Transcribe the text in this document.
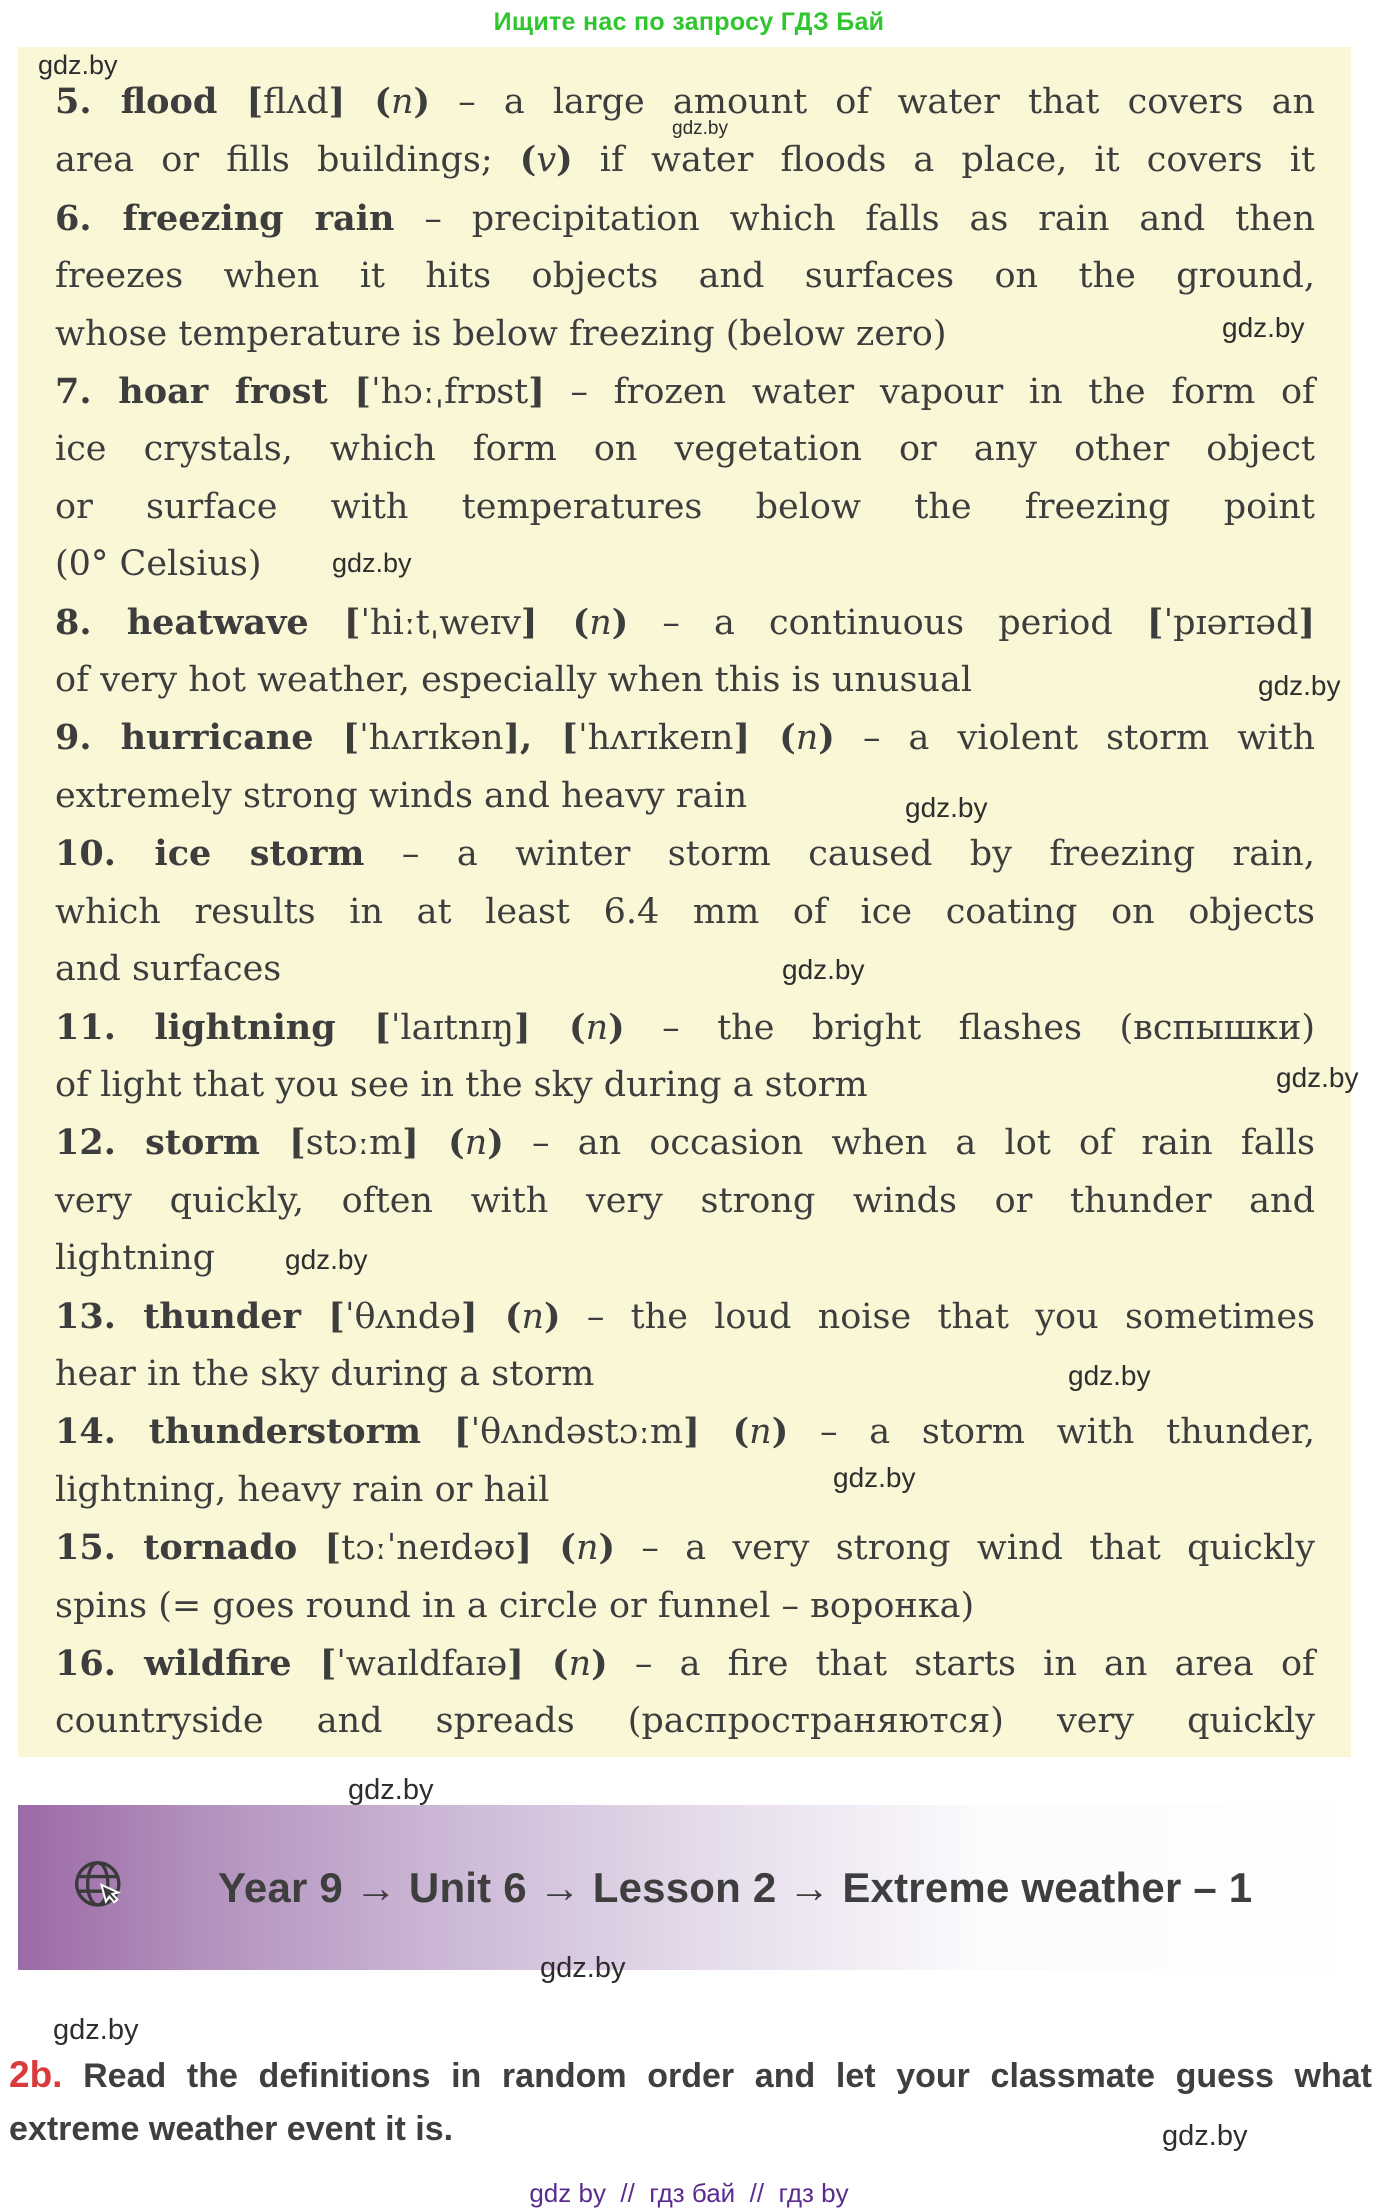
Ищите нас по запросу ГДЗ Бай
5. flood [flʌd] (n) – a large amount of water that covers an
area or fills buildings; (v) if water floods a place, it covers it
6. freezing rain – precipitation which falls as rain and then
freezes when it hits objects and surfaces on the ground,
whose temperature is below freezing (below zero)
7. hoar frost [ˈhɔːˌfrɒst] – frozen water vapour in the form of
ice crystals, which form on vegetation or any other object
or surface with temperatures below the freezing point
(0° Celsius)
8. heatwave [ˈhiːtˌweɪv] (n) – a continuous period [ˈpɪərɪəd]
of very hot weather, especially when this is unusual
9. hurricane [ˈhʌrɪkən], [ˈhʌrɪkeɪn] (n) – a violent storm with
extremely strong winds and heavy rain
10. ice storm – a winter storm caused by freezing rain,
which results in at least 6.4 mm of ice coating on objects
and surfaces
11. lightning [ˈlaɪtnɪŋ] (n) – the bright flashes (вспышки)
of light that you see in the sky during a storm
12. storm [stɔːm] (n) – an occasion when a lot of rain falls
very quickly, often with very strong winds or thunder and
lightning
13. thunder [ˈθʌndə] (n) – the loud noise that you sometimes
hear in the sky during a storm
14. thunderstorm [ˈθʌndəstɔːm] (n) – a storm with thunder,
lightning, heavy rain or hail
15. tornado [tɔːˈneɪdəʊ] (n) – a very strong wind that quickly
spins (= goes round in a circle or funnel – воронка)
16. wildfire [ˈwaɪldfaɪə] (n) – a fire that starts in an area of
countryside and spreads (распространяются) very quickly
Year 9 → Unit 6 → Lesson 2 → Extreme weather – 1
2b. Read the definitions in random order and let your classmate guess what extreme weather event it is.
gdz by  //  гдз бай  //  гдз by
gdz.by
gdz.by
gdz.by
gdz.by
gdz.by
gdz.by
gdz.by
gdz.by
gdz.by
gdz.by
gdz.by
gdz.by
gdz.by
gdz.by
gdz.by
